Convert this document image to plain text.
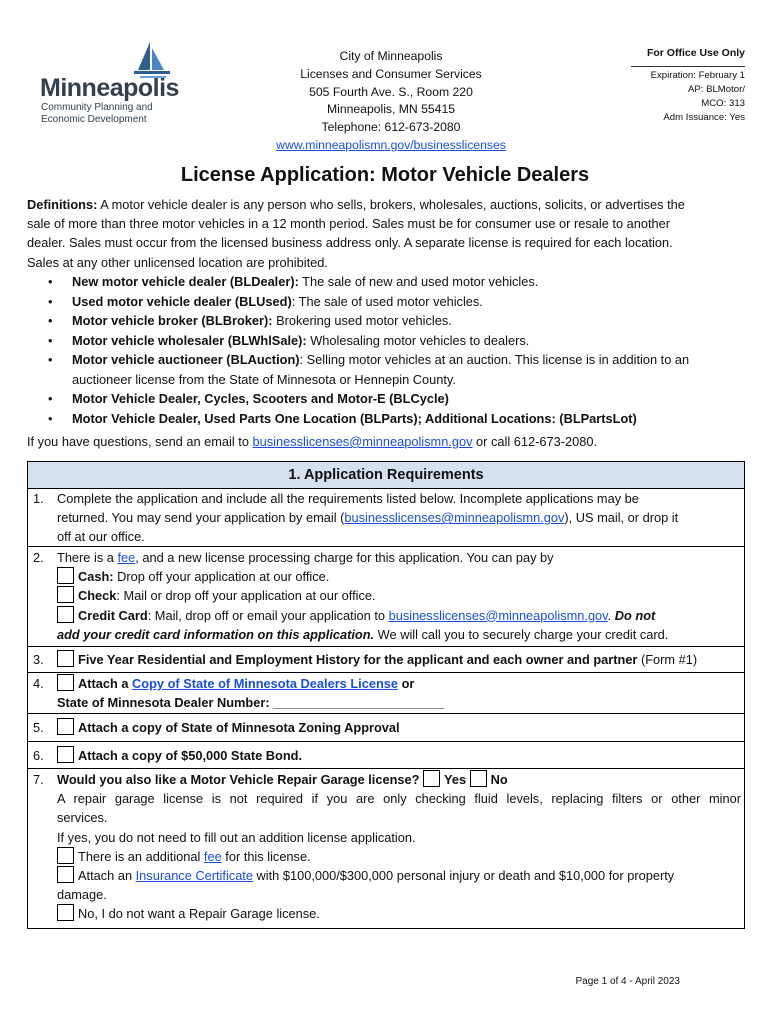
Minneapolis
Community Planning and
Economic Development
City of Minneapolis
Licenses and Consumer Services
505 Fourth Ave. S., Room 220
Minneapolis, MN 55415
Telephone: 612-673-2080
www.minneapolismn.gov/businesslicenses
For Office Use Only
Expiration: February 1
AP: BLMotor/
MCO: 313
Adm Issuance: Yes
License Application: Motor Vehicle Dealers
Definitions: A motor vehicle dealer is any person who sells, brokers, wholesales, auctions, solicits, or advertises the
sale of more than three motor vehicles in a 12 month period. Sales must be for consumer use or resale to another
dealer. Sales must occur from the licensed business address only. A separate license is required for each location.
Sales at any other unlicensed location are prohibited.
• New motor vehicle dealer (BLDealer): The sale of new and used motor vehicles.
• Used motor vehicle dealer (BLUsed): The sale of used motor vehicles.
• Motor vehicle broker (BLBroker): Brokering used motor vehicles.
• Motor vehicle wholesaler (BLWhlSale): Wholesaling motor vehicles to dealers.
• Motor vehicle auctioneer (BLAuction): Selling motor vehicles at an auction. This license is in addition to an
auctioneer license from the State of Minnesota or Hennepin County.
• Motor Vehicle Dealer, Cycles, Scooters and Motor-E (BLCycle)
• Motor Vehicle Dealer, Used Parts One Location (BLParts); Additional Locations: (BLPartsLot)
If you have questions, send an email to businesslicenses@minneapolismn.gov or call 612-673-2080.
1. Application Requirements
1. Complete the application and include all the requirements listed below. Incomplete applications may be
returned. You may send your application by email (businesslicenses@minneapolismn.gov), US mail, or drop it
off at our office.
2. There is a fee, and a new license processing charge for this application. You can pay by
Cash: Drop off your application at our office.
Check: Mail or drop off your application at our office.
Credit Card: Mail, drop off or email your application to businesslicenses@minneapolismn.gov. Do not
add your credit card information on this application. We will call you to securely charge your credit card.
3.	Five Year Residential and Employment History for the applicant and each owner and partner (Form #1)
4.	Attach a Copy of State of Minnesota Dealers License or
State of Minnesota Dealer Number: ________________________
5.	Attach a copy of State of Minnesota Zoning Approval
6.	Attach a copy of $50,000 State Bond.
7. Would you also like a Motor Vehicle Repair Garage license? Yes No
A repair garage license is not required if you are only checking fluid levels, replacing filters or other minor
services.
If yes, you do not need to fill out an addition license application.
There is an additional fee for this license.
Attach an Insurance Certificate with $100,000/$300,000 personal injury or death and $10,000 for property
damage.
No, I do not want a Repair Garage license.
Page 1 of 4 - April 2023
